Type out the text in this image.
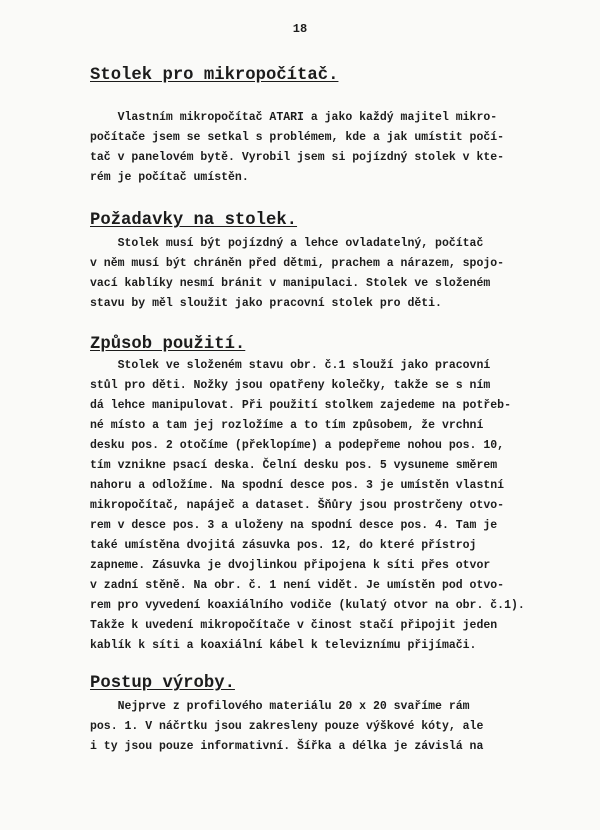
18
Stolek pro mikropočítač.

Vlastním mikropočítač ATARI a jako každý majitel mikro-
počítače jsem se setkal s problémem, kde a jak umístit počí-
tač v panelovém bytě. Vyrobil jsem si pojízdný stolek v kte-
rém je počítač umístěn.

Požadavky na stolek.

Stolek musí být pojízdný a lehce ovladatelný, počítač
v něm musí být chráněn před dětmi, prachem a nárazem, spojo-
vací kablíky nesmí bránit v manipulaci. Stolek ve složeném
stavu by měl sloužit jako pracovní stolek pro děti.

Způsob použití.

Stolek ve složeném stavu obr. č.1 slouží jako pracovní
stůl pro děti. Nožky jsou opatřeny kolečky, takže se s ním
dá lehce manipulovat. Při použití stolkem zajedeme na potřeb-
né místo a tam jej rozložíme a to tím způsobem, že vrchní
desku pos. 2 otočíme (překlopíme) a podepřeme nohou pos. 10,
tím vznikne psací deska. Čelní desku pos. 5 vysuneme směrem
nahoru a odložíme. Na spodní desce pos. 3 je umístěn vlastní
mikropočítač, napáječ a dataset. Šňůry jsou prostrčeny otvo-
rem v desce pos. 3 a uloženy na spodní desce pos. 4. Tam je
také umístěna dvojitá zásuvka pos. 12, do které přístroj
zapneme. Zásuvka je dvojlinkou připojena k síti přes otvor
v zadní stěně. Na obr. č. 1 není vidět. Je umístěn pod otvo-
rem pro vyvedení koaxiálního vodiče (kulatý otvor na obr. č.1).
Takže k uvedení mikropočítače v činost stačí připojit jeden
kablík k síti a koaxiální kábel k televiznímu přijímači.

Postup výroby.

Nejprve z profilového materiálu 20 x 20 svaříme rám
pos. 1. V náčrtku jsou zakresleny pouze výškové kóty, ale
i ty jsou pouze informativní. Šířka a délka je závislá na
